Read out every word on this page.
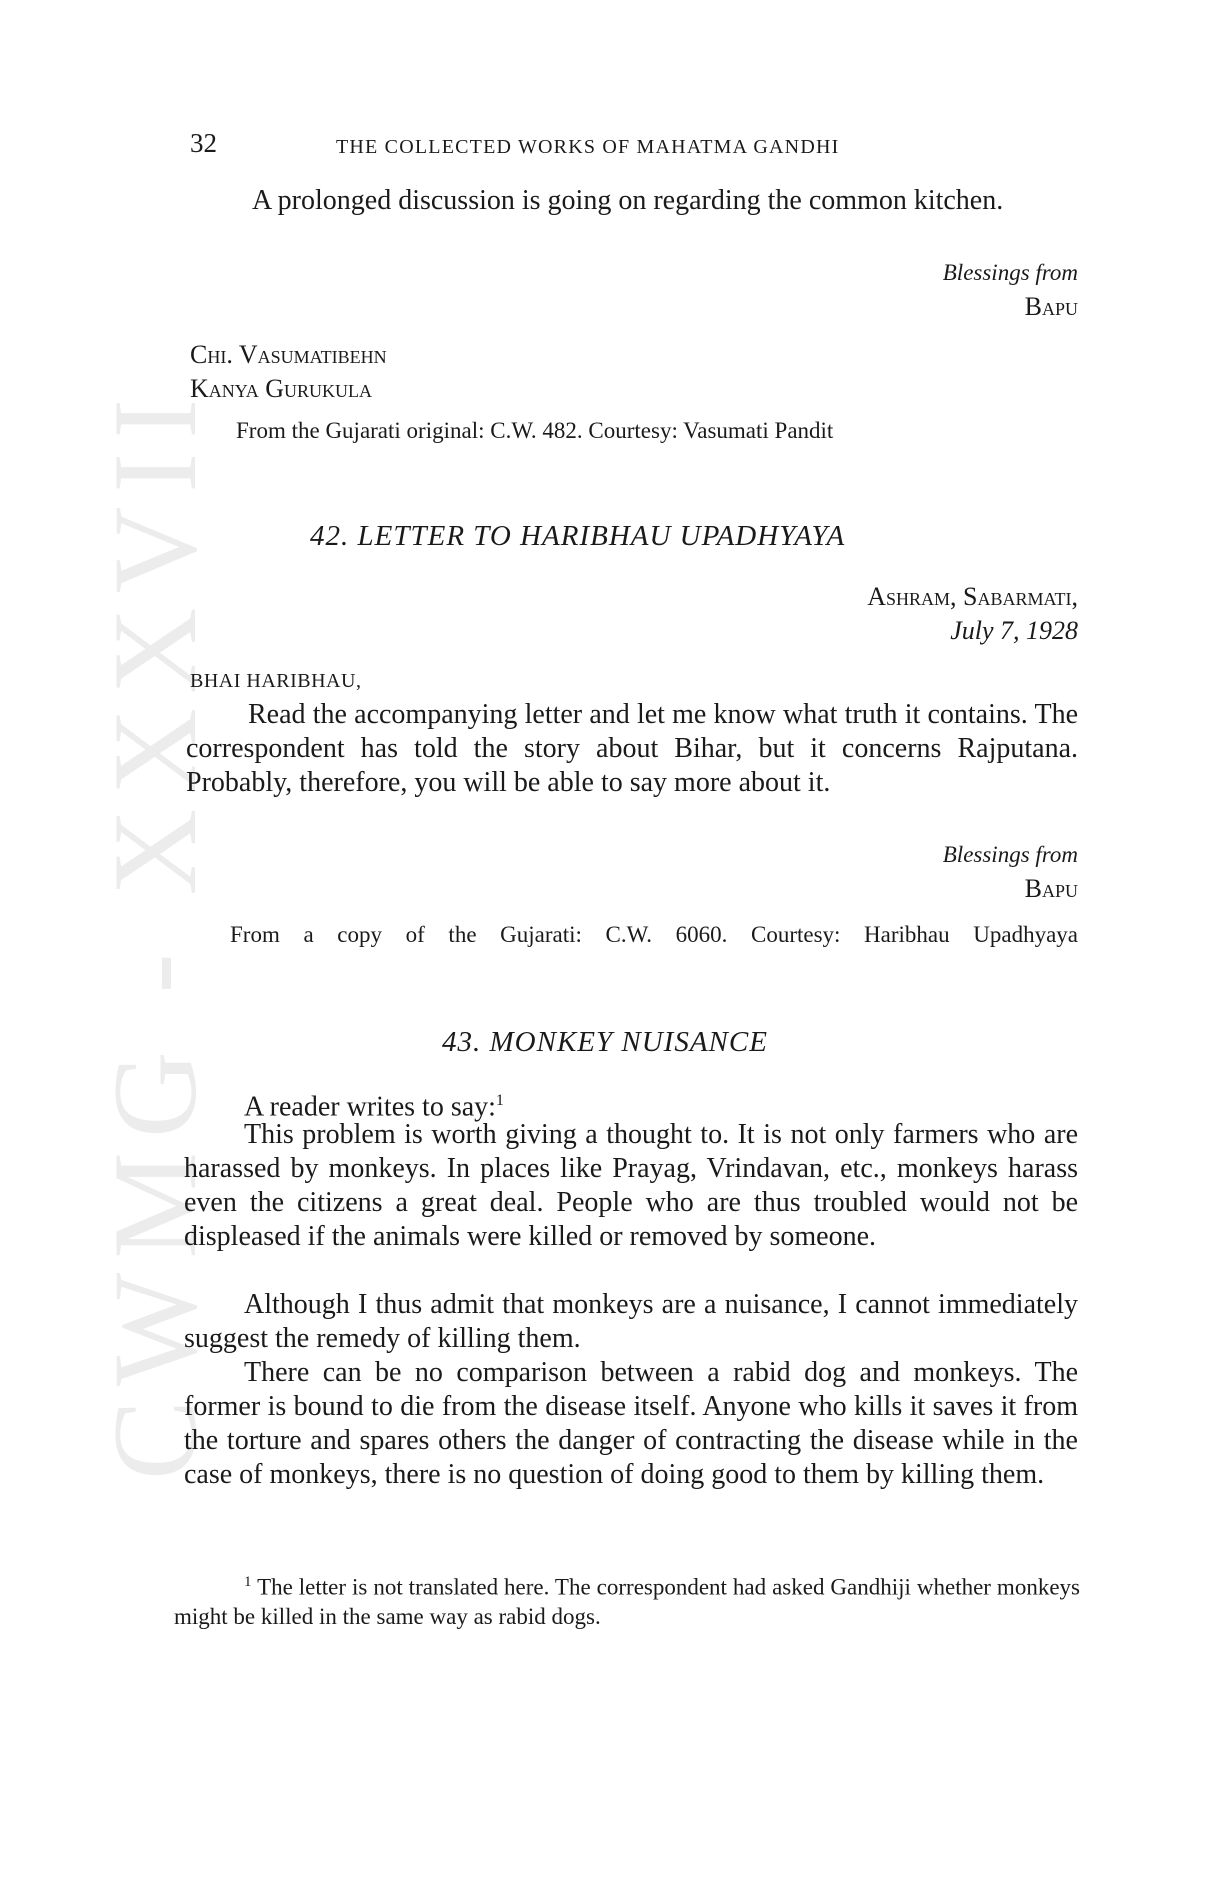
CWMG - XXXVII
32	THE COLLECTED WORKS OF MAHATMA GANDHI
A prolonged discussion is going on regarding the common kitchen.
Blessings from
Bapu
Chi. Vasumatibehn
Kanya Gurukula
From the Gujarati original: C.W. 482. Courtesy: Vasumati Pandit
42. LETTER TO HARIBHAU UPADHYAYA
Ashram, Sabarmati,
July 7, 1928
BHAI HARIBHAU,
Read the accompanying letter and let me know what truth it contains. The correspondent has told the story about Bihar, but it concerns Rajputana. Probably, therefore, you will be able to say more about it.
Blessings from
Bapu
From a copy of the Gujarati: C.W. 6060. Courtesy: Haribhau Upadhyaya
43. MONKEY NUISANCE
A reader writes to say:$^1$
This problem is worth giving a thought to. It is not only farmers who are harassed by monkeys. In places like Prayag, Vrindavan, etc., monkeys harass even the citizens a great deal. People who are thus troubled would not be displeased if the animals were killed or removed by someone.
Although I thus admit that monkeys are a nuisance, I cannot immediately suggest the remedy of killing them.
There can be no comparison between a rabid dog and monkeys. The former is bound to die from the disease itself. Anyone who kills it saves it from the torture and spares others the danger of contracting the disease while in the case of monkeys, there is no question of doing good to them by killing them.
$^1$ The letter is not translated here. The correspondent had asked Gandhiji whether monkeys might be killed in the same way as rabid dogs.
